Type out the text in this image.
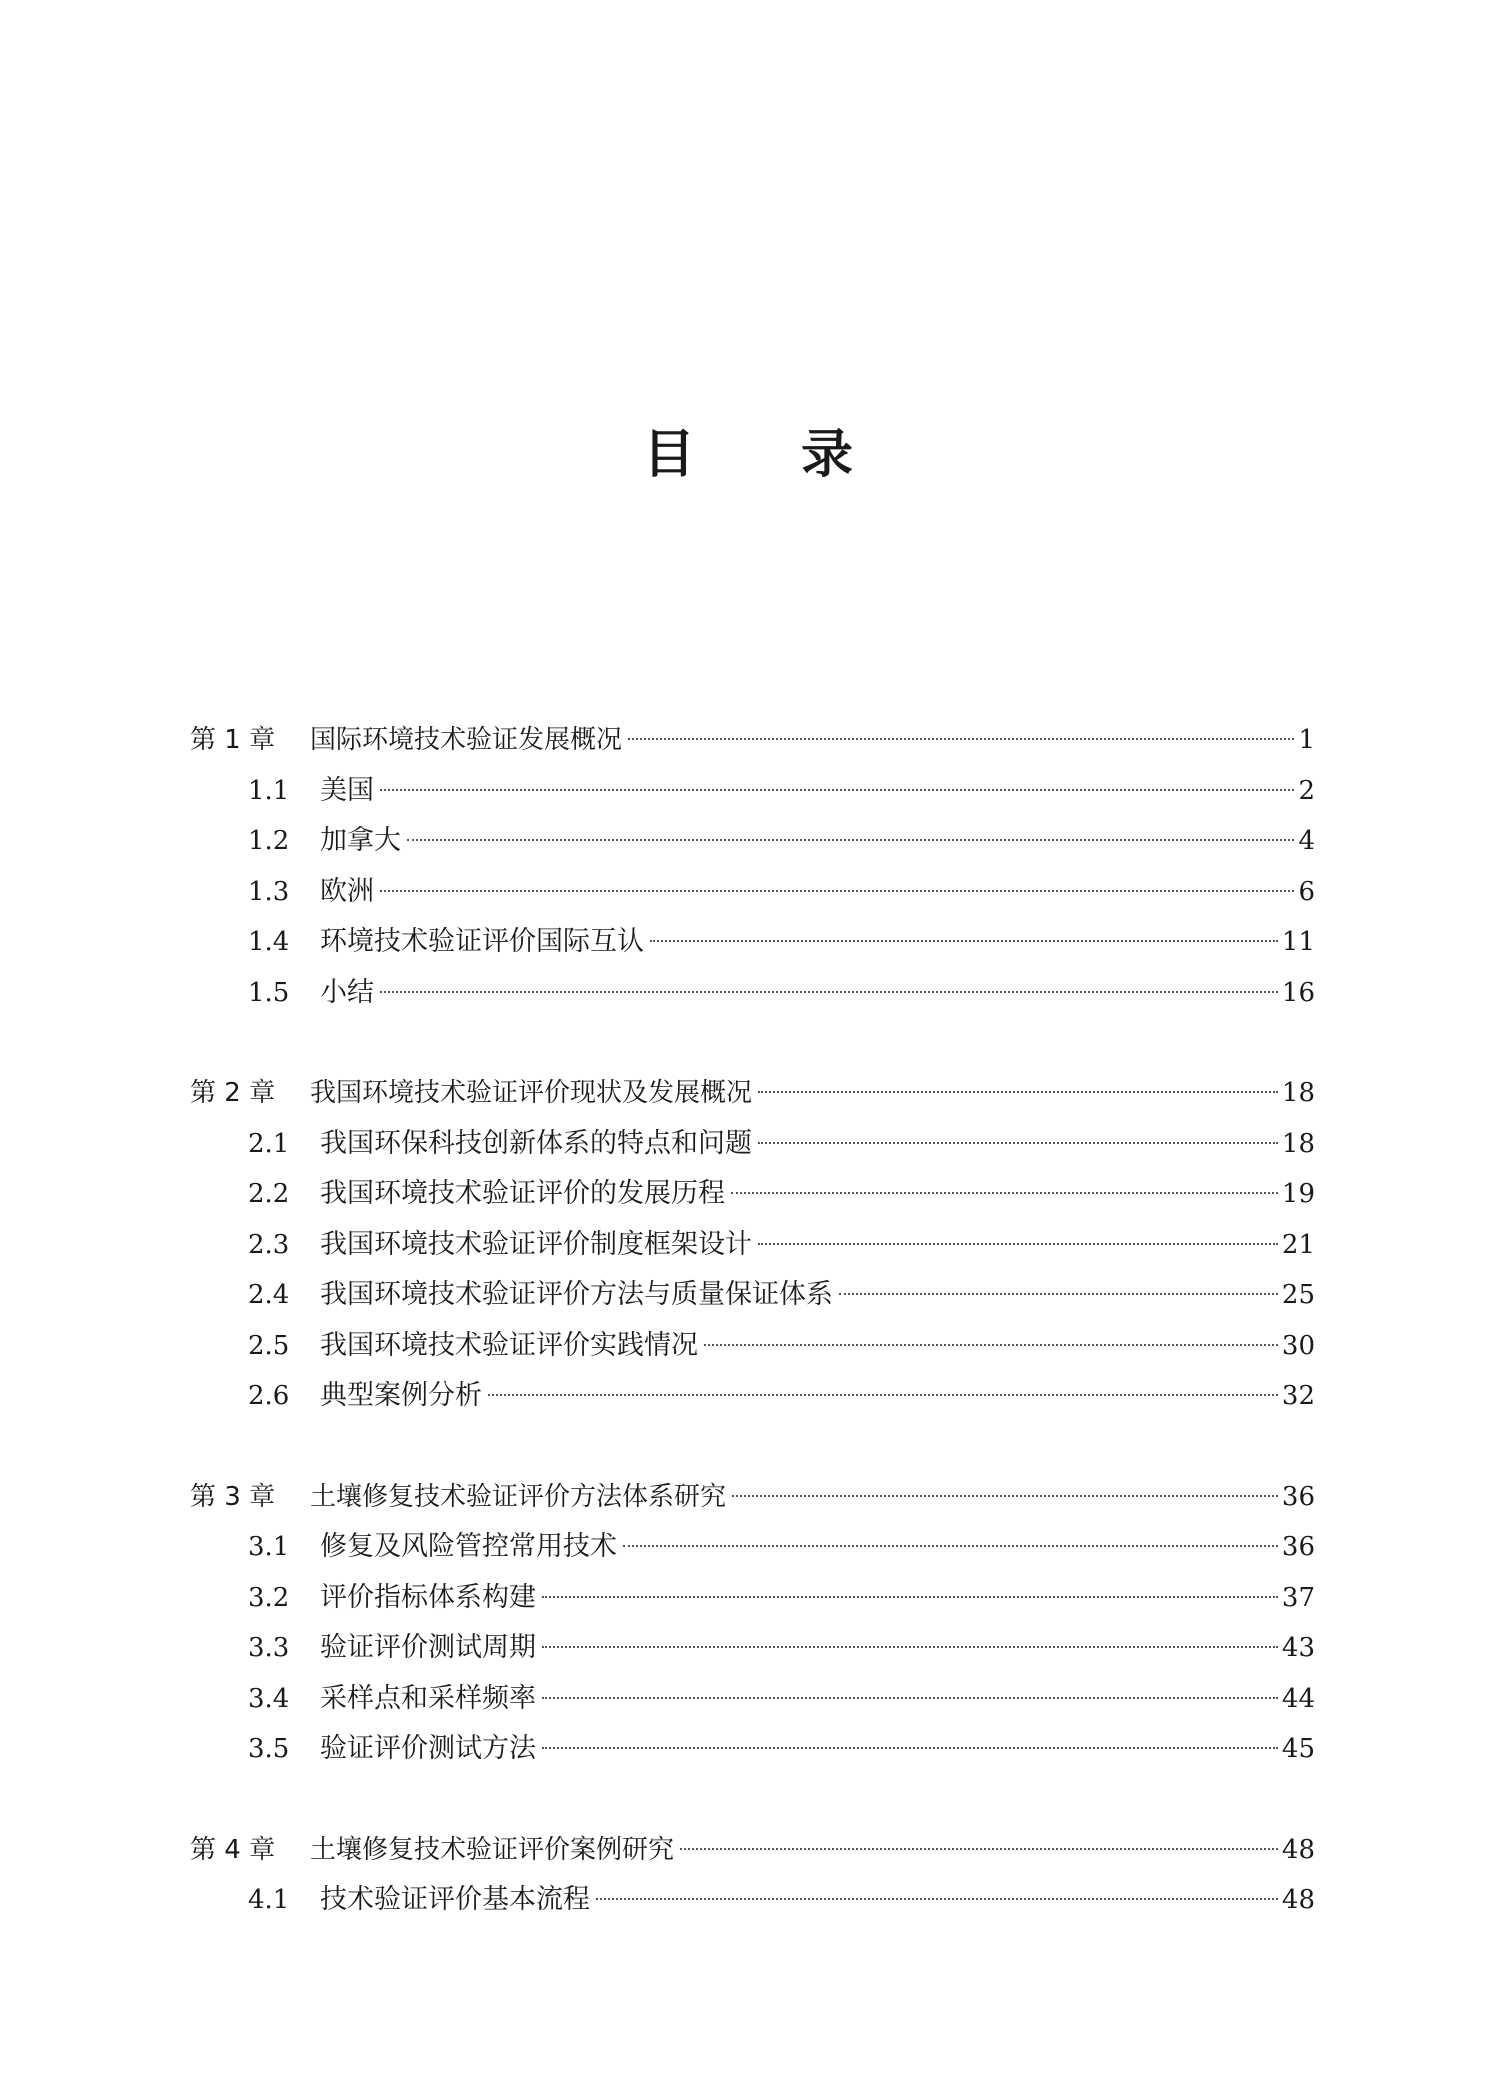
目 录
第 1 章	国际环境技术验证发展概况	1
1.1	美国	2
1.2	加拿大	4
1.3	欧洲	6
1.4	环境技术验证评价国际互认	11
1.5	小结	16
第 2 章	我国环境技术验证评价现状及发展概况	18
2.1	我国环保科技创新体系的特点和问题	18
2.2	我国环境技术验证评价的发展历程	19
2.3	我国环境技术验证评价制度框架设计	21
2.4	我国环境技术验证评价方法与质量保证体系	25
2.5	我国环境技术验证评价实践情况	30
2.6	典型案例分析	32
第 3 章	土壤修复技术验证评价方法体系研究	36
3.1	修复及风险管控常用技术	36
3.2	评价指标体系构建	37
3.3	验证评价测试周期	43
3.4	采样点和采样频率	44
3.5	验证评价测试方法	45
第 4 章	土壤修复技术验证评价案例研究	48
4.1	技术验证评价基本流程	48
